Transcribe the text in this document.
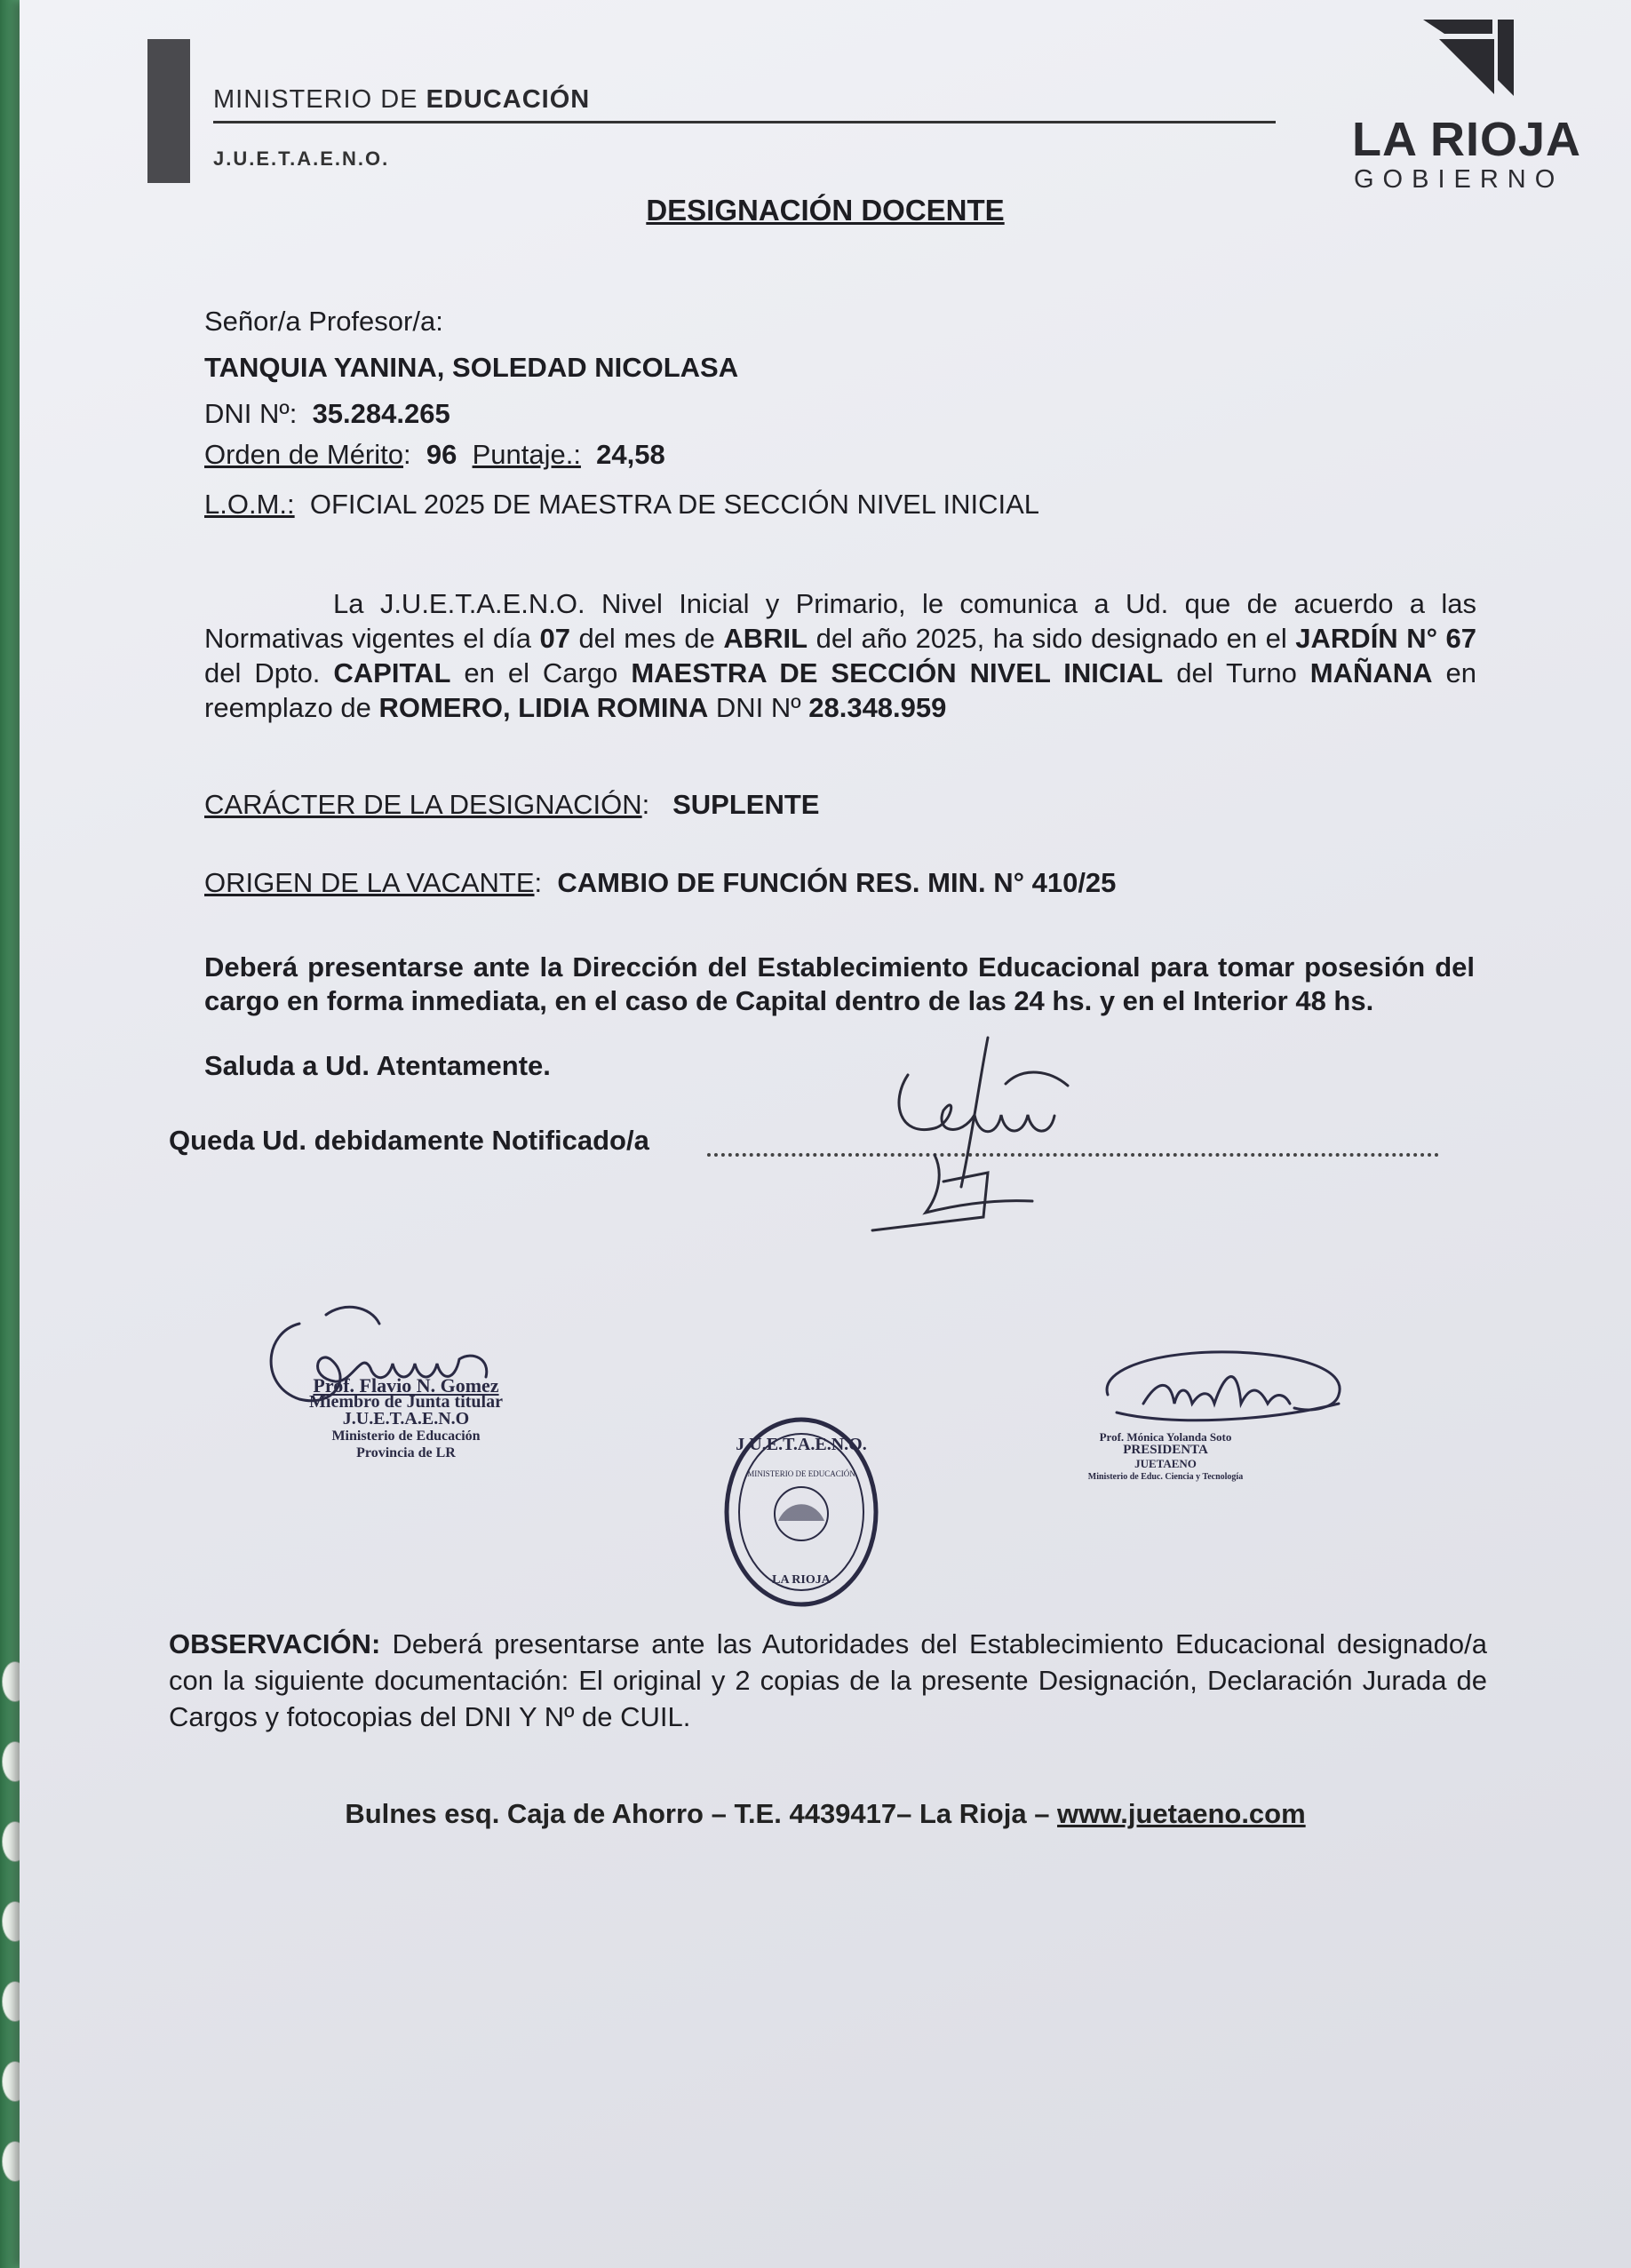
MINISTERIO DE EDUCACIÓN
J.U.E.T.A.E.N.O.	LA RIOJA
GOBIERNO
DESIGNACIÓN DOCENTE
Señor/a Profesor/a:
TANQUIA YANINA, SOLEDAD NICOLASA
DNI Nº: 35.284.265
Orden de Mérito:  96 Puntaje.: 24,58
L.O.M.: OFICIAL 2025 DE MAESTRA DE SECCIÓN NIVEL INICIAL

La J.U.E.T.A.E.N.O. Nivel Inicial y Primario, le comunica a Ud. que de acuerdo a las Normativas vigentes el día 07 del mes de ABRIL del año 2025, ha sido designado en el JARDÍN N° 67 del Dpto. CAPITAL en el Cargo MAESTRA DE SECCIÓN NIVEL INICIAL del Turno MAÑANA en reemplazo de ROMERO, LIDIA ROMINA DNI Nº 28.348.959

CARÁCTER DE LA DESIGNACIÓN:   SUPLENTE
ORIGEN DE LA VACANTE:  CAMBIO DE FUNCIÓN RES. MIN. N° 410/25
Deberá presentarse ante la Dirección del Establecimiento Educacional para tomar posesión del cargo en forma inmediata, en el caso de Capital dentro de las 24 hs. y en el Interior 48 hs.
Saluda a Ud. Atentamente.
Queda Ud. debidamente Notificado/a
Prof. Flavio N. Gomez
Miembro de Junta titular
J.U.E.T.A.E.N.O
Ministerio de Educación
Provincia de LR	J.U.E.T.A.E.N.O.
MINISTERIO DE EDUCACIÓN
LA RIOJA
Prof. Mónica Yolanda Soto
PRESIDENTA
JUETAENO
Ministerio de Educ. Ciencia y Tecnología
OBSERVACIÓN: Deberá presentarse ante las Autoridades del Establecimiento Educacional designado/a con la siguiente documentación: El original y 2 copias de la presente Designación, Declaración Jurada de Cargos y fotocopias del DNI Y Nº de CUIL.
Bulnes esq. Caja de Ahorro – T.E. 4439417– La Rioja – www.juetaeno.com
